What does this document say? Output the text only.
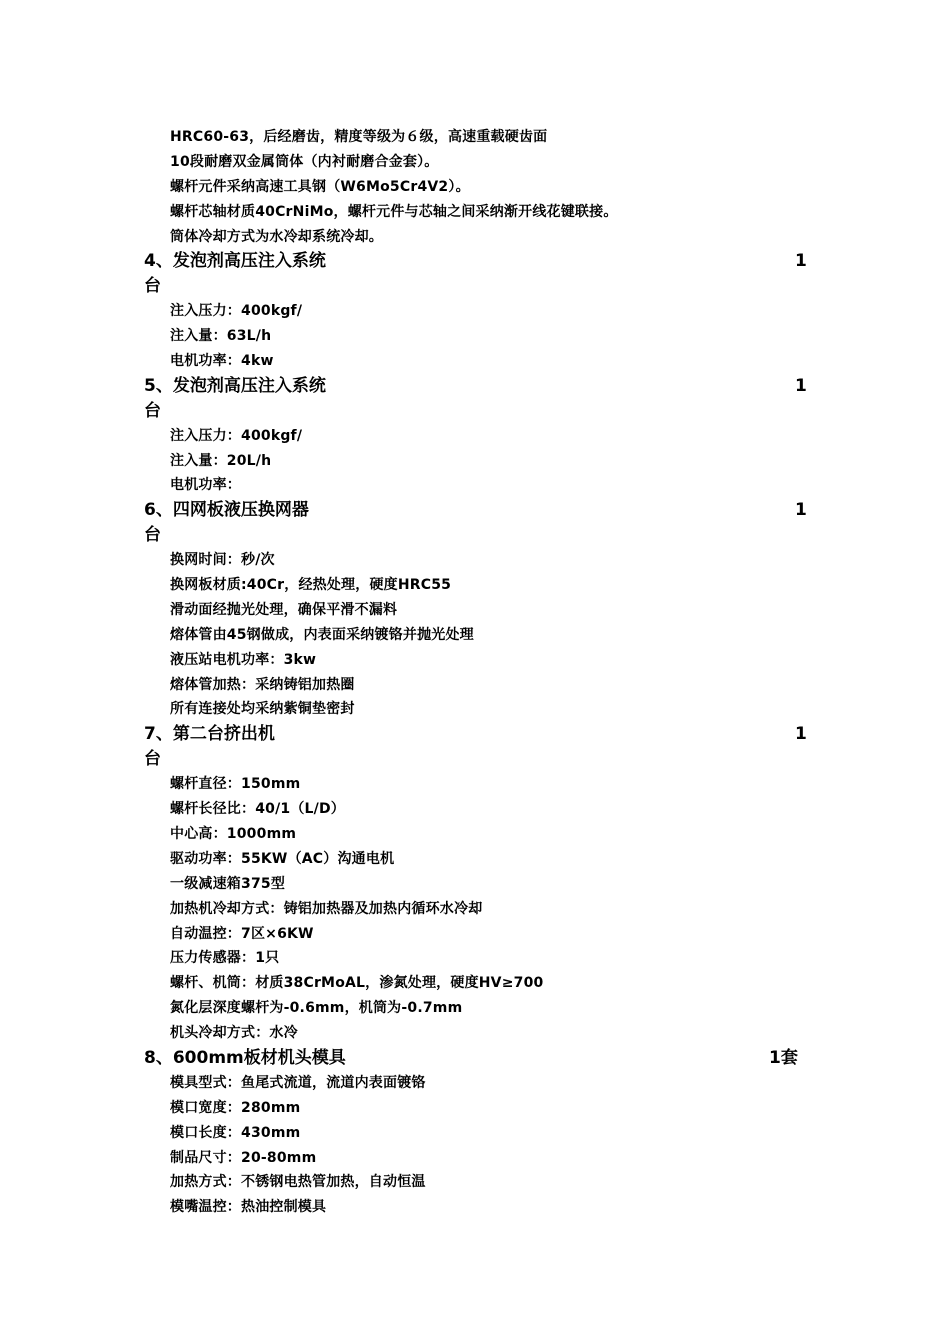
HRC60-63，后经磨齿，精度等级为６级，高速重载硬齿面
10段耐磨双金属筒体（内衬耐磨合金套）。
螺杆元件采纳高速工具钢（W6Mo5Cr4V2）。
螺杆芯轴材质40CrNiMo，螺杆元件与芯轴之间采纳渐开线花键联接。
筒体冷却方式为水冷却系统冷却。
4、发泡剂高压注入系统	1
台
注入压力：400kgf/
注入量：63L/h
电机功率：4kw
5、发泡剂高压注入系统	1
台
注入压力：400kgf/
注入量：20L/h
电机功率：
6、四网板液压换网器	1
台
换网时间：秒/次
换网板材质:40Cr，经热处理，硬度HRC55
滑动面经抛光处理，确保平滑不漏料
熔体管由45钢做成，内表面采纳镀铬并抛光处理
液压站电机功率：3kw
熔体管加热：采纳铸铝加热圈
所有连接处均采纳紫铜垫密封
7、第二台挤出机	1
台
螺杆直径：150mm
螺杆长径比：40/1（L/D）
中心高：1000mm
驱动功率：55KW（AC）沟通电机
一级减速箱375型
加热机冷却方式：铸铝加热器及加热内循环水冷却
自动温控：7区×6KW
压力传感器：1只
螺杆、机筒：材质38CrMoAL，渗氮处理，硬度HV≥700
氮化层深度螺杆为-0.6mm，机筒为-0.7mm
机头冷却方式：水冷
8、600mm板材机头模具	1套
模具型式：鱼尾式流道，流道内表面镀铬
模口宽度：280mm
模口长度：430mm
制品尺寸：20-80mm
加热方式：不锈钢电热管加热，自动恒温
模嘴温控：热油控制模具
